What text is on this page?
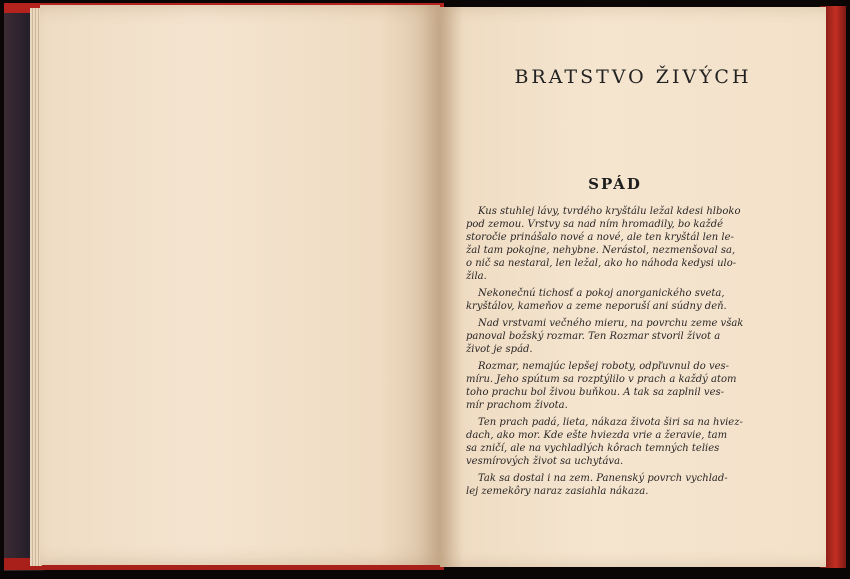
BRATSTVO ŽIVÝCH
SPÁD

Kus stuhlej lávy, tvrdého kryštálu ležal kdesi hlboko
pod zemou. Vrstvy sa nad ním hromadily, bo každé
storočie prinášalo nové a nové, ale ten kryštál len le-
žal tam pokojne, nehybne. Nerástol, nezmenšoval sa,
o nič sa nestaral, len ležal, ako ho náhoda kedysi ulo-
žila.

Nekonečnú tichosť a pokoj anorganického sveta,
kryštálov, kameňov a zeme neporuší ani súdny deň.

Nad vrstvami večného mieru, na povrchu zeme však
panoval božský rozmar. Ten Rozmar stvoril život a
život je spád.

Rozmar, nemajúc lepšej roboty, odpľuvnul do ves-
míru. Jeho spútum sa rozptýlilo v prach a každý atom
toho prachu bol živou buňkou. A tak sa zaplnil ves-
mír prachom života.

Ten prach padá, lieta, nákaza života širi sa na hviez-
dach, ako mor. Kde ešte hviezda vrie a žeravie, tam
sa zničí, ale na vychladlých kôrach temných telies
vesmírových život sa uchytáva.

Tak sa dostal i na zem. Panenský povrch vychlad-
lej zemekôry naraz zasiahla nákaza.
